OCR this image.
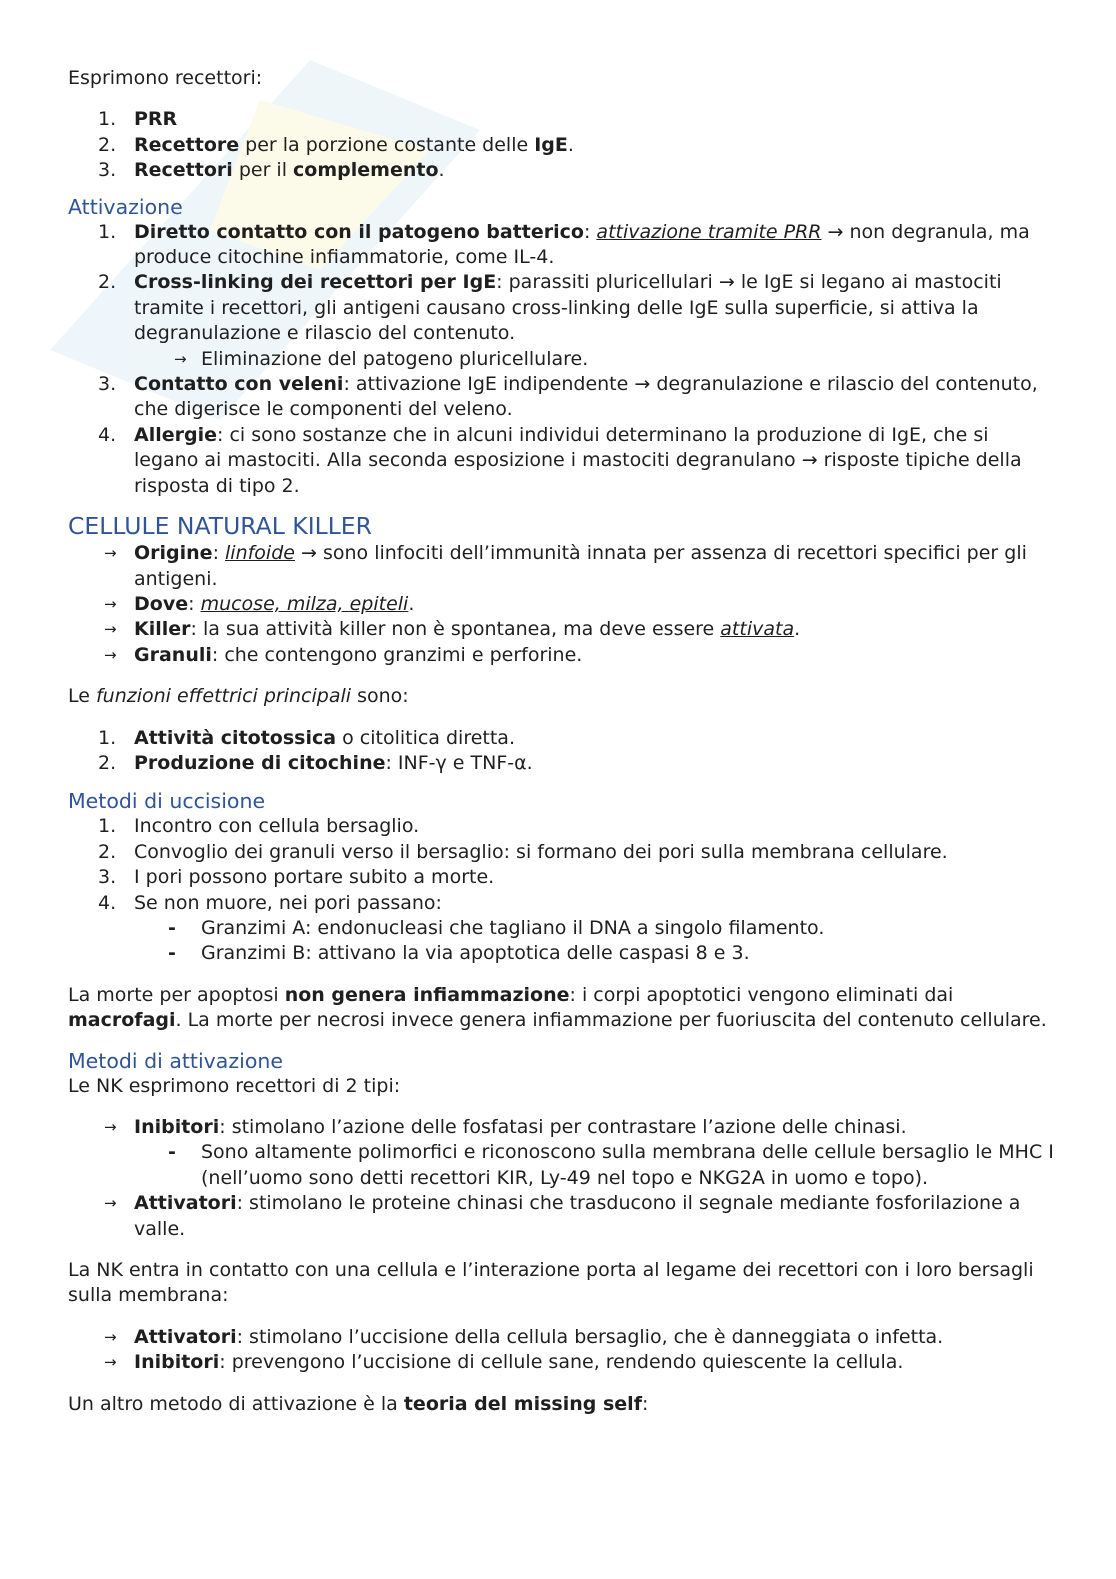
Esprimono recettori:

1. PRR
2. Recettore per la porzione costante delle IgE.
3. Recettori per il complemento.

Attivazione

1. Diretto contatto con il patogeno batterico: attivazione tramite PRR → non degranula, ma produce citochine infiammatorie, come IL-4.
2. Cross-linking dei recettori per IgE: parassiti pluricellulari → le IgE si legano ai mastociti tramite i recettori, gli antigeni causano cross-linking delle IgE sulla superficie, si attiva la degranulazione e rilascio del contenuto.
→ Eliminazione del patogeno pluricellulare.
3. Contatto con veleni: attivazione IgE indipendente → degranulazione e rilascio del contenuto, che digerisce le componenti del veleno.
4. Allergie: ci sono sostanze che in alcuni individui determinano la produzione di IgE, che si legano ai mastociti. Alla seconda esposizione i mastociti degranulano → risposte tipiche della risposta di tipo 2.

CELLULE NATURAL KILLER

→ Origine: linfoide → sono linfociti dell’immunità innata per assenza di recettori specifici per gli antigeni.
→ Dove: mucose, milza, epiteli.
→ Killer: la sua attività killer non è spontanea, ma deve essere attivata.
→ Granuli: che contengono granzimi e perforine.

Le funzioni effettrici principali sono:

1. Attività citotossica o citolitica diretta.
2. Produzione di citochine: INF-γ e TNF-α.

Metodi di uccisione

1. Incontro con cellula bersaglio.
2. Convoglio dei granuli verso il bersaglio: si formano dei pori sulla membrana cellulare.
3. I pori possono portare subito a morte.
4. Se non muore, nei pori passano:
- Granzimi A: endonucleasi che tagliano il DNA a singolo filamento.
- Granzimi B: attivano la via apoptotica delle caspasi 8 e 3.

La morte per apoptosi non genera infiammazione: i corpi apoptotici vengono eliminati dai macrofagi. La morte per necrosi invece genera infiammazione per fuoriuscita del contenuto cellulare.

Metodi di attivazione

Le NK esprimono recettori di 2 tipi:

→ Inibitori: stimolano l’azione delle fosfatasi per contrastare l’azione delle chinasi.
- Sono altamente polimorfici e riconoscono sulla membrana delle cellule bersaglio le MHC I (nell’uomo sono detti recettori KIR, Ly-49 nel topo e NKG2A in uomo e topo).
→ Attivatori: stimolano le proteine chinasi che trasducono il segnale mediante fosforilazione a valle.

La NK entra in contatto con una cellula e l’interazione porta al legame dei recettori con i loro bersagli sulla membrana:

→ Attivatori: stimolano l’uccisione della cellula bersaglio, che è danneggiata o infetta.
→ Inibitori: prevengono l’uccisione di cellule sane, rendendo quiescente la cellula.

Un altro metodo di attivazione è la teoria del missing self:
